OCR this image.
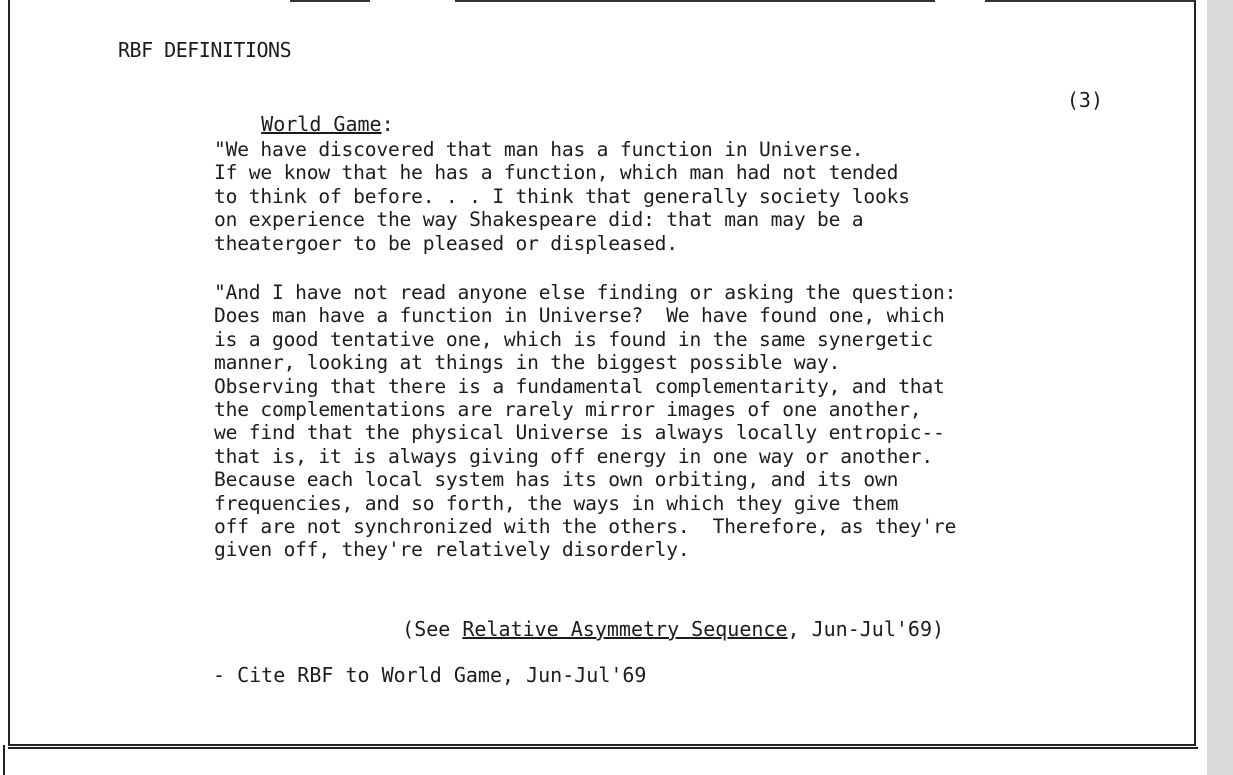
RBF DEFINITIONS

World Game:

(3)

"We have discovered that man has a function in Universe.
If we know that he has a function, which man had not tended
to think of before. . . I think that generally society looks
on experience the way Shakespeare did: that man may be a
theatergoer to be pleased or displeased.
"And I have not read anyone else finding or asking the question:
Does man have a function in Universe?  We have found one, which
is a good tentative one, which is found in the same synergetic
manner, looking at things in the biggest possible way.
Observing that there is a fundamental complementarity, and that
the complementations are rarely mirror images of one another,
we find that the physical Universe is always locally entropic--
that is, it is always giving off energy in one way or another.
Because each local system has its own orbiting, and its own
frequencies, and so forth, the ways in which they give them
off are not synchronized with the others.  Therefore, as they're
given off, they're relatively disorderly.

(See Relative Asymmetry Sequence, Jun-Jul'69)

- Cite RBF to World Game, Jun-Jul'69
